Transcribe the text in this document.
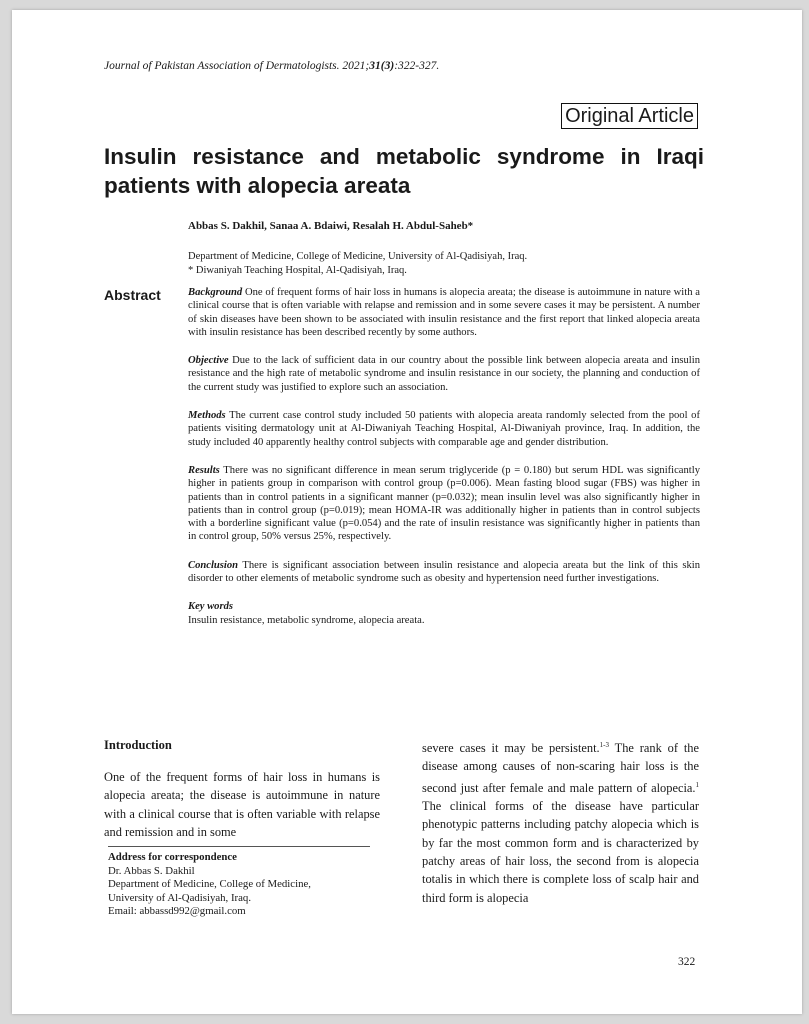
Journal of Pakistan Association of Dermatologists. 2021;31(3):322-327.
Original Article
Insulin resistance and metabolic syndrome in Iraqi patients with alopecia areata
Abbas S. Dakhil, Sanaa A. Bdaiwi, Resalah H. Abdul-Saheb*
Department of Medicine, College of Medicine, University of Al-Qadisiyah, Iraq.
* Diwaniyah Teaching Hospital, Al-Qadisiyah, Iraq.
Abstract	Background One of frequent forms of hair loss in humans is alopecia areata; the disease is autoimmune in nature with a clinical course that is often variable with relapse and remission and in some severe cases it may be persistent. A number of skin diseases have been shown to be associated with insulin resistance and the first report that linked alopecia areata with insulin resistance has been described recently by some authors.

Objective Due to the lack of sufficient data in our country about the possible link between alopecia areata and insulin resistance and the high rate of metabolic syndrome and insulin resistance in our society, the planning and conduction of the current study was justified to explore such an association.

Methods The current case control study included 50 patients with alopecia areata randomly selected from the pool of patients visiting dermatology unit at Al-Diwaniyah Teaching Hospital, Al-Diwaniyah province, Iraq. In addition, the study included 40 apparently healthy control subjects with comparable age and gender distribution.

Results There was no significant difference in mean serum triglyceride (p = 0.180) but serum HDL was significantly higher in patients group in comparison with control group (p=0.006). Mean fasting blood sugar (FBS) was higher in patients than in control patients in a significant manner (p=0.032); mean insulin level was also significantly higher in patients than in control group (p=0.019); mean HOMA-IR was additionally higher in patients than in control subjects with a borderline significant value (p=0.054) and the rate of insulin resistance was significantly higher in patients than in control group, 50% versus 25%, respectively.

Conclusion There is significant association between insulin resistance and alopecia areata but the link of this skin disorder to other elements of metabolic syndrome such as obesity and hypertension need further investigations.

Key words
Insulin resistance, metabolic syndrome, alopecia areata.
Introduction

One of the frequent forms of hair loss in humans is alopecia areata; the disease is autoimmune in nature with a clinical course that is often variable with relapse and remission and in some

Address for correspondence
Dr. Abbas S. Dakhil
Department of Medicine, College of Medicine,
University of Al-Qadisiyah, Iraq.
Email: abbassd992@gmail.com

severe cases it may be persistent.$^{1-3}$ The rank of the disease among causes of non-scaring hair loss is the second just after female and male pattern of alopecia.$^1$ The clinical forms of the disease have particular phenotypic patterns including patchy alopecia which is by far the most common form and is characterized by patchy areas of hair loss, the second from is alopecia totalis in which there is complete loss of scalp hair and third form is alopecia

322
